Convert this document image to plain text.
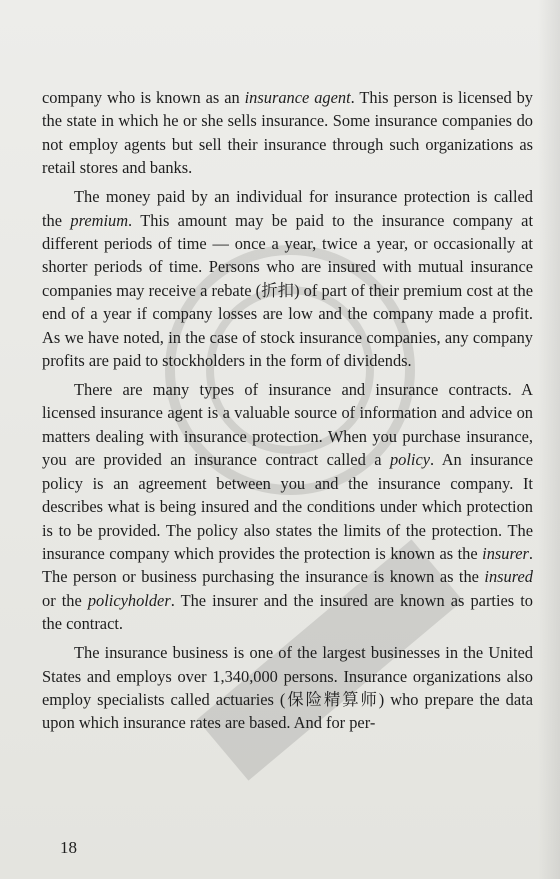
company who is known as an insurance agent. This person is licensed by the state in which he or she sells insurance. Some insurance companies do not employ agents but sell their insurance through such organizations as retail stores and banks.

The money paid by an individual for insurance protection is called the premium. This amount may be paid to the insurance company at different periods of time — once a year, twice a year, or occasionally at shorter periods of time. Persons who are insured with mutual insurance companies may receive a rebate (折扣) of part of their premium cost at the end of a year if company losses are low and the company made a profit. As we have noted, in the case of stock insurance companies, any company profits are paid to stockholders in the form of dividends.

There are many types of insurance and insurance contracts. A licensed insurance agent is a valuable source of information and advice on matters dealing with insurance protection. When you purchase insurance, you are provided an insurance contract called a policy. An insurance policy is an agreement between you and the insurance company. It describes what is being insured and the conditions under which protection is to be provided. The policy also states the limits of the protection. The insurance company which provides the protection is known as the insurer. The person or business purchasing the insurance is known as the insured or the policyholder. The insurer and the insured are known as parties to the contract.

The insurance business is one of the largest businesses in the United States and employs over 1,340,000 persons. Insurance organizations also employ specialists called actuaries (保险精算师) who prepare the data upon which insurance rates are based. And for per-

18
